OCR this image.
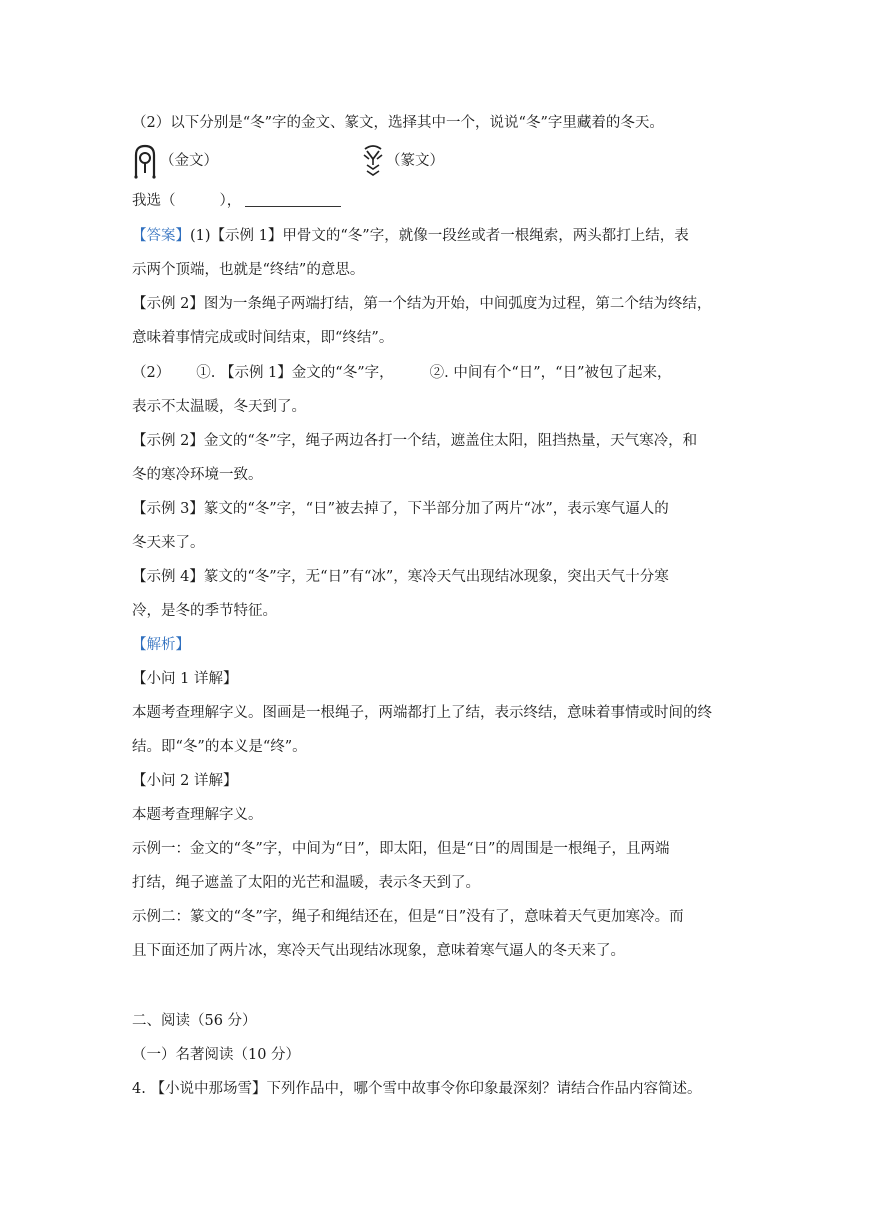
（2）以下分别是“冬”字的金文、篆文，选择其中一个，说说“冬”字里藏着的冬天。
（金文）	（篆文）
我选（	），
【答案】(1)【示例 1】甲骨文的“冬”字，就像一段丝或者一根绳索，两头都打上结，表
示两个顶端，也就是“终结”的意思。
【示例 2】图为一条绳子两端打结，第一个结为开始，中间弧度为过程，第二个结为终结，
意味着事情完成或时间结束，即“终结”。
（2） ①. 【示例 1】金文的“冬”字， ②. 中间有个“日”，“日”被包了起来，
表示不太温暖，冬天到了。
【示例 2】金文的“冬”字，绳子两边各打一个结，遮盖住太阳，阻挡热量，天气寒冷，和
冬的寒冷环境一致。
【示例 3】篆文的“冬”字，“日”被去掉了，下半部分加了两片“冰”，表示寒气逼人的
冬天来了。
【示例 4】篆文的“冬”字，无“日”有“冰”，寒冷天气出现结冰现象，突出天气十分寒
冷，是冬的季节特征。
【解析】
【小问 1 详解】
本题考查理解字义。图画是一根绳子，两端都打上了结，表示终结，意味着事情或时间的终
结。即“冬”的本义是“终”。
【小问 2 详解】
本题考查理解字义。
示例一：金文的“冬”字，中间为“日”，即太阳，但是“日”的周围是一根绳子，且两端
打结，绳子遮盖了太阳的光芒和温暖，表示冬天到了。
示例二：篆文的“冬”字，绳子和绳结还在，但是“日”没有了，意味着天气更加寒冷。而
且下面还加了两片冰，寒冷天气出现结冰现象，意味着寒气逼人的冬天来了。
二、阅读（56 分）
（一）名著阅读（10 分）
4. 【小说中那场雪】下列作品中，哪个雪中故事令你印象最深刻？请结合作品内容简述。
